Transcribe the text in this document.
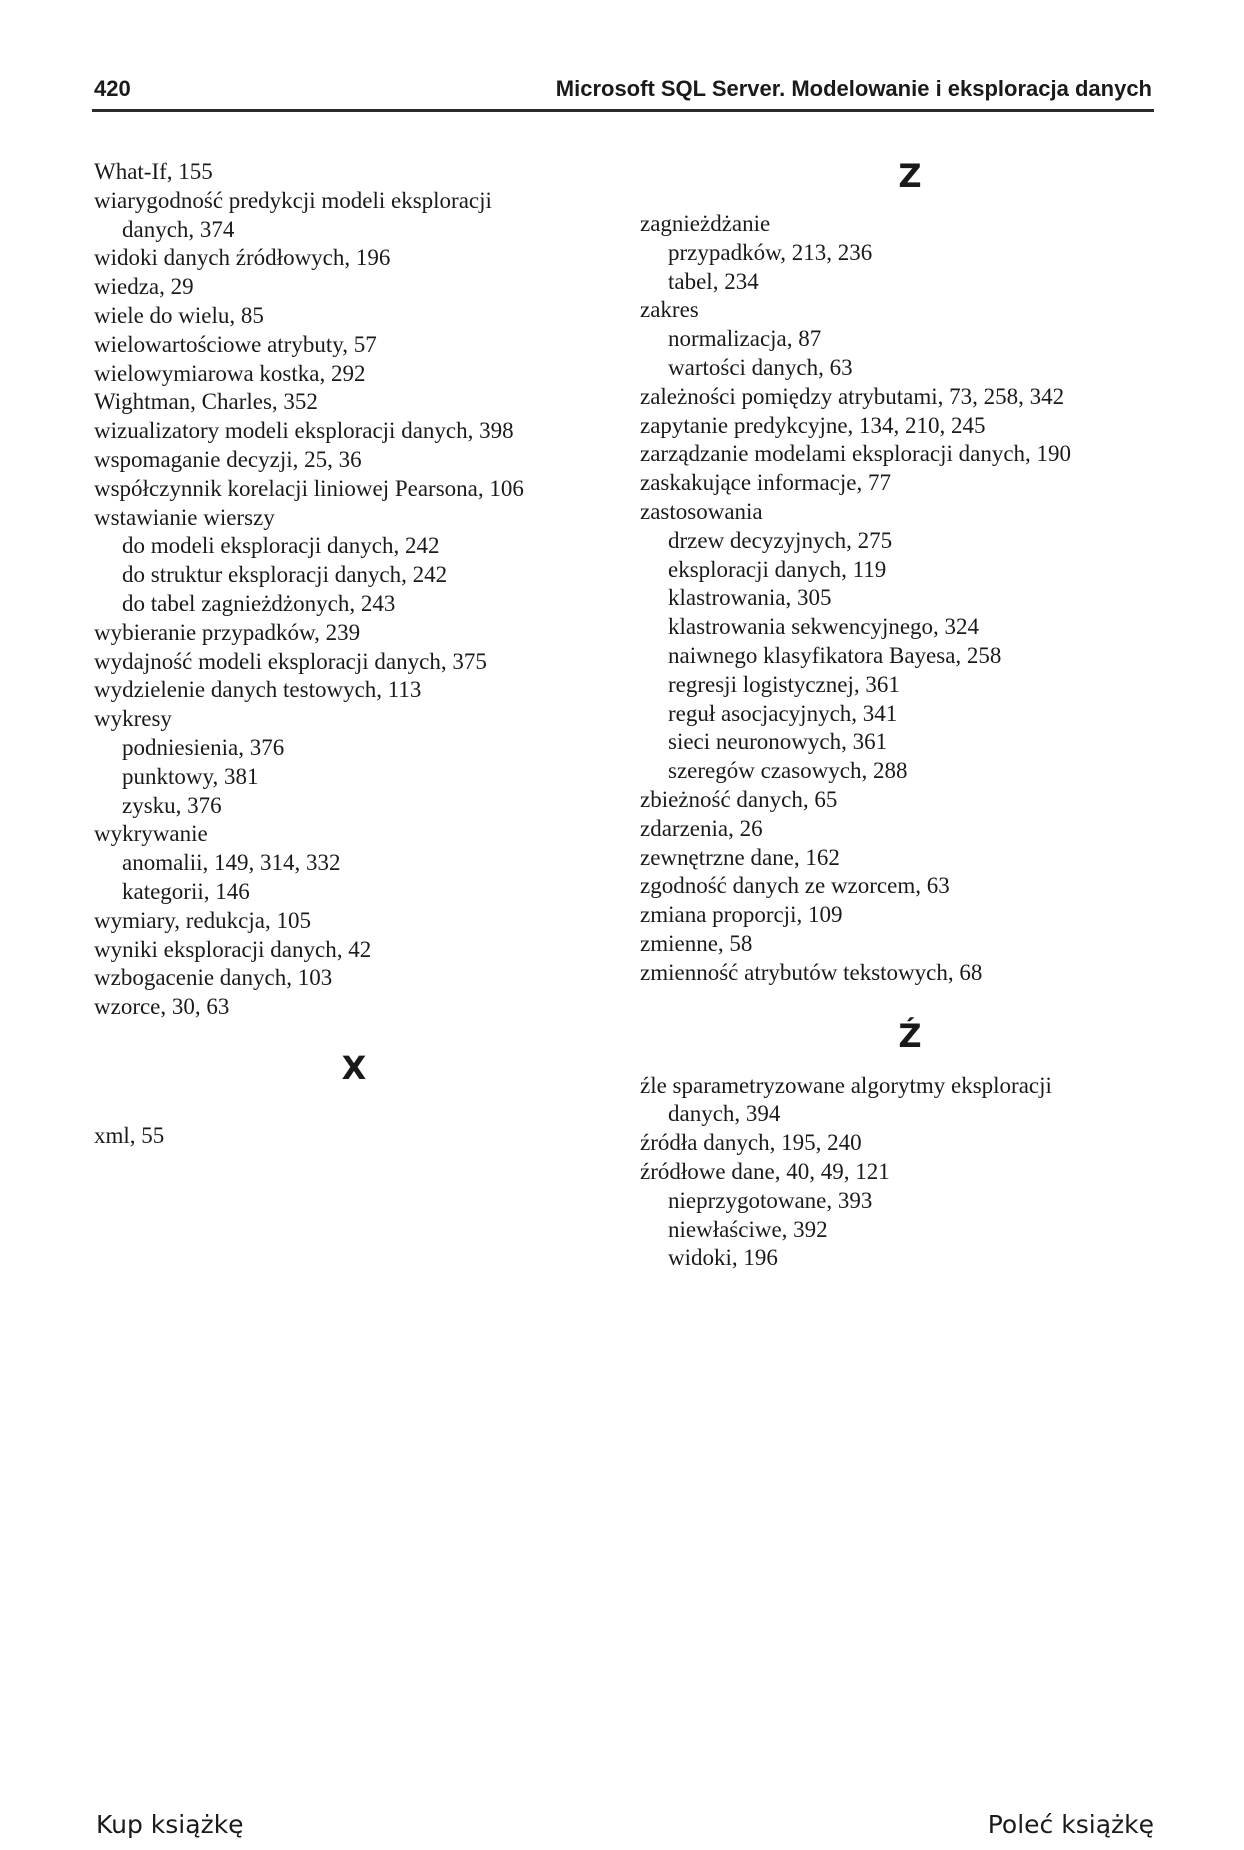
420	Microsoft SQL Server. Modelowanie i eksploracja danych
What-If, 155
wiarygodność predykcji modeli eksploracji
danych, 374
widoki danych źródłowych, 196
wiedza, 29
wiele do wielu, 85
wielowartościowe atrybuty, 57
wielowymiarowa kostka, 292
Wightman, Charles, 352
wizualizatory modeli eksploracji danych, 398
wspomaganie decyzji, 25, 36
współczynnik korelacji liniowej Pearsona, 106
wstawianie wierszy
do modeli eksploracji danych, 242
do struktur eksploracji danych, 242
do tabel zagnieżdżonych, 243
wybieranie przypadków, 239
wydajność modeli eksploracji danych, 375
wydzielenie danych testowych, 113
wykresy
podniesienia, 376
punktowy, 381
zysku, 376
wykrywanie
anomalii, 149, 314, 332
kategorii, 146
wymiary, redukcja, 105
wyniki eksploracji danych, 42
wzbogacenie danych, 103
wzorce, 30, 63
X
xml, 55
Z
zagnieżdżanie
przypadków, 213, 236
tabel, 234
zakres
normalizacja, 87
wartości danych, 63
zależności pomiędzy atrybutami, 73, 258, 342
zapytanie predykcyjne, 134, 210, 245
zarządzanie modelami eksploracji danych, 190
zaskakujące informacje, 77
zastosowania
drzew decyzyjnych, 275
eksploracji danych, 119
klastrowania, 305
klastrowania sekwencyjnego, 324
naiwnego klasyfikatora Bayesa, 258
regresji logistycznej, 361
reguł asocjacyjnych, 341
sieci neuronowych, 361
szeregów czasowych, 288
zbieżność danych, 65
zdarzenia, 26
zewnętrzne dane, 162
zgodność danych ze wzorcem, 63
zmiana proporcji, 109
zmienne, 58
zmienność atrybutów tekstowych, 68
Ź
źle sparametryzowane algorytmy eksploracji
danych, 394
źródła danych, 195, 240
źródłowe dane, 40, 49, 121
nieprzygotowane, 393
niewłaściwe, 392
widoki, 196
Kup książkę	Poleć książkę
